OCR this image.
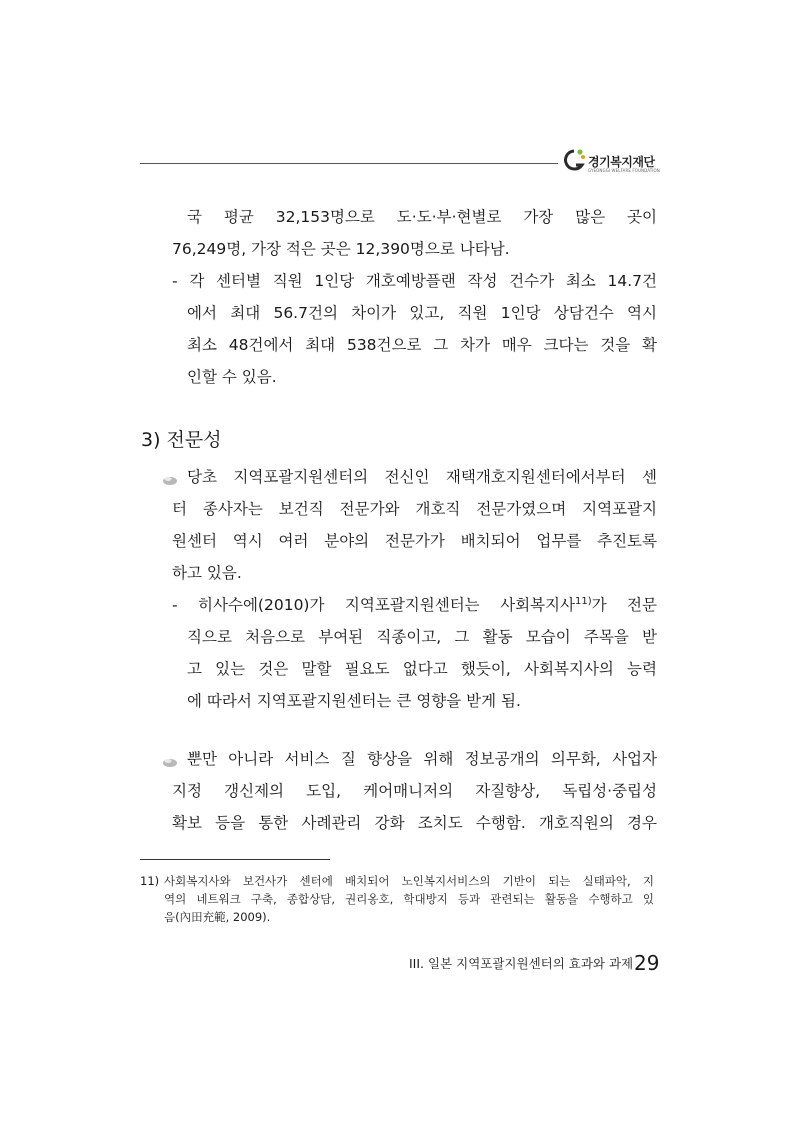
경기복지재단
GYEONGGI WELFARE FOUNDATION
국 평균 32,153명으로 도·도·부·현별로 가장 많은 곳이
76,249명, 가장 적은 곳은 12,390명으로 나타남.
- 각 센터별 직원 1인당 개호예방플랜 작성 건수가 최소 14.7건
에서 최대 56.7건의 차이가 있고, 직원 1인당 상담건수 역시
최소 48건에서 최대 538건으로 그 차가 매우 크다는 것을 확
인할 수 있음.
3) 전문성
당초 지역포괄지원센터의 전신인 재택개호지원센터에서부터 센
터 종사자는 보건직 전문가와 개호직 전문가였으며 지역포괄지
원센터 역시 여러 분야의 전문가가 배치되어 업무를 추진토록
하고 있음.
- 히사수에(2010)가 지역포괄지원센터는 사회복지사$^{11)}$가 전문
직으로 처음으로 부여된 직종이고, 그 활동 모습이 주목을 받
고 있는 것은 말할 필요도 없다고 했듯이, 사회복지사의 능력
에 따라서 지역포괄지원센터는 큰 영향을 받게 됨.
뿐만 아니라 서비스 질 향상을 위해 정보공개의 의무화, 사업자
지정 갱신제의 도입, 케어매니저의 자질향상, 독립성·중립성
확보 등을 통한 사례관리 강화 조치도 수행함. 개호직원의 경우
11) 사회복지사와 보건사가 센터에 배치되어 노인복지서비스의 기반이 되는 실태파악, 지
역의 네트워크 구축, 종합상담, 권리옹호, 학대방지 등과 관련되는 활동을 수행하고 있
음(內田充範, 2009).
III. 일본 지역포괄지원센터의 효과와 과제 29
